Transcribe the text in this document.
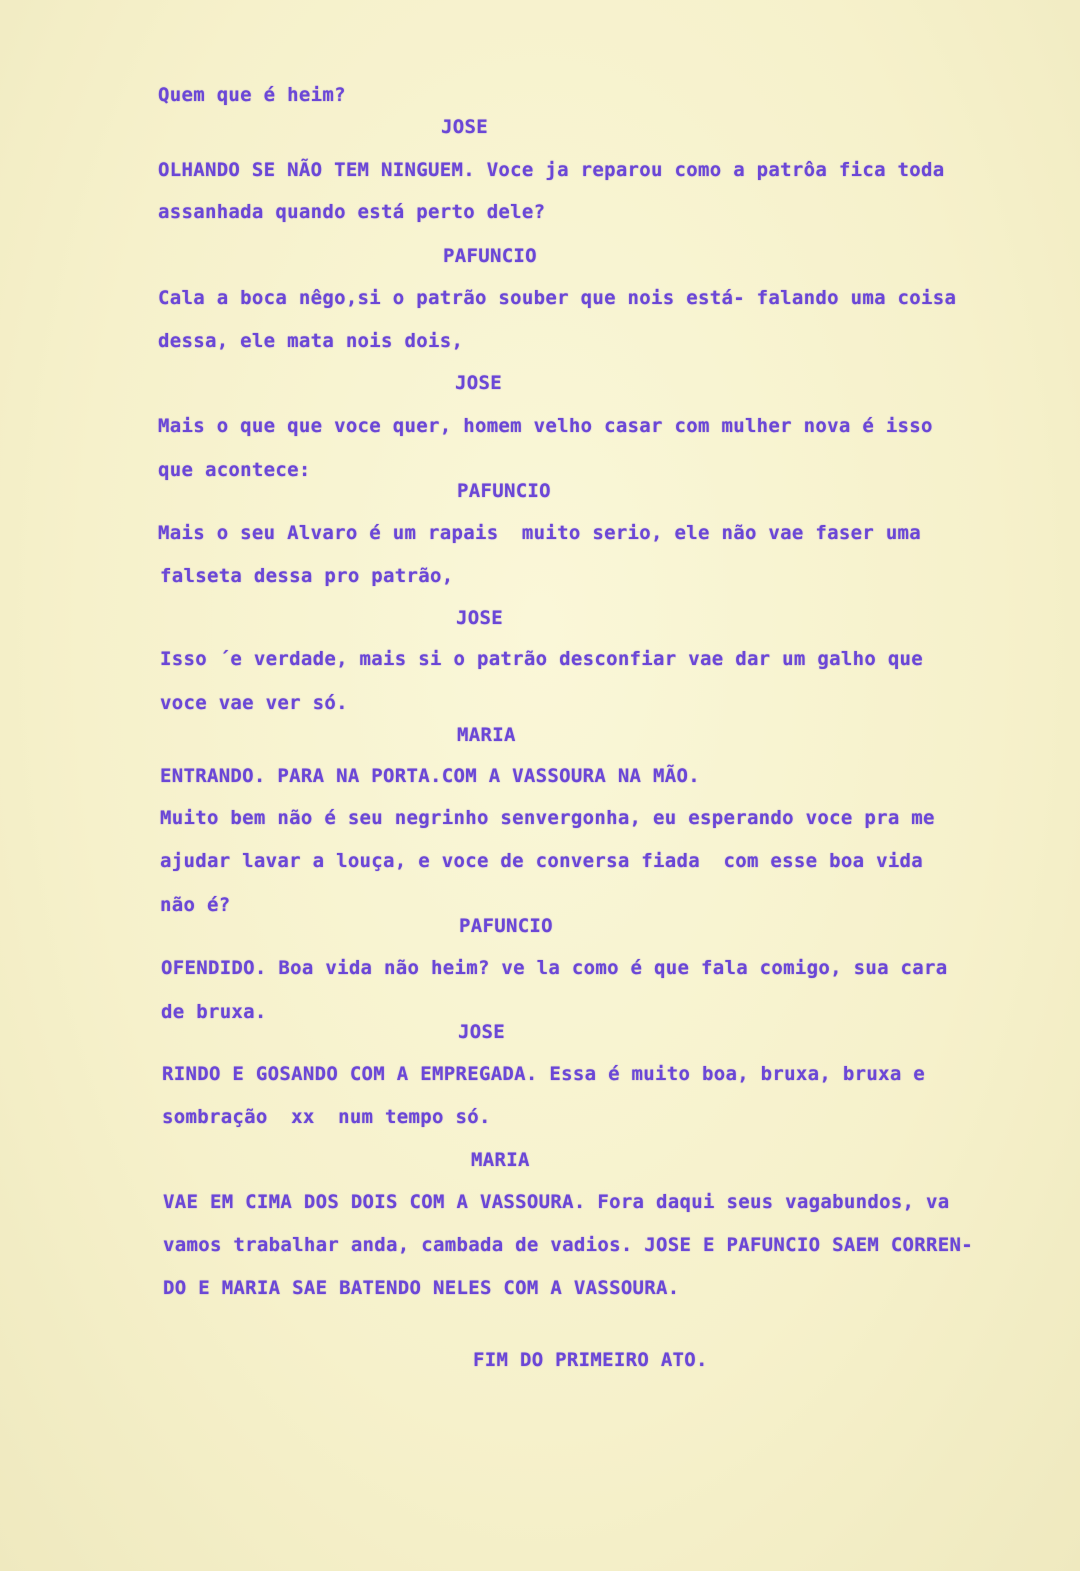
Quem que é heim?
JOSE
OLHANDO SE NÃO TEM NINGUEM. Voce ja reparou como a patrôa fica toda
assanhada quando está perto dele?
PAFUNCIO
Cala a boca nêgo,si o patrão souber que nois está- falando uma coisa
dessa, ele mata nois dois,
JOSE
Mais o que que voce quer, homem velho casar com mulher nova é isso
que acontece:
PAFUNCIO
Mais o seu Alvaro é um rapais  muito serio, ele não vae faser uma
falseta dessa pro patrão,
JOSE
Isso ´e verdade, mais si o patrão desconfiar vae dar um galho que
voce vae ver só.
MARIA
ENTRANDO. PARA NA PORTA.COM A VASSOURA NA MÃO.
Muito bem não é seu negrinho senvergonha, eu esperando voce pra me
ajudar lavar a louça, e voce de conversa fiada  com esse boa vida
não é?
PAFUNCIO
OFENDIDO. Boa vida não heim? ve la como é que fala comigo, sua cara
de bruxa.
JOSE
RINDO E GOSANDO COM A EMPREGADA. Essa é muito boa, bruxa, bruxa e
sombração  xx  num tempo só.
MARIA
VAE EM CIMA DOS DOIS COM A VASSOURA. Fora daqui seus vagabundos, va
vamos trabalhar anda, cambada de vadios. JOSE E PAFUNCIO SAEM CORREN-
DO E MARIA SAE BATENDO NELES COM A VASSOURA.
FIM DO PRIMEIRO ATO.
